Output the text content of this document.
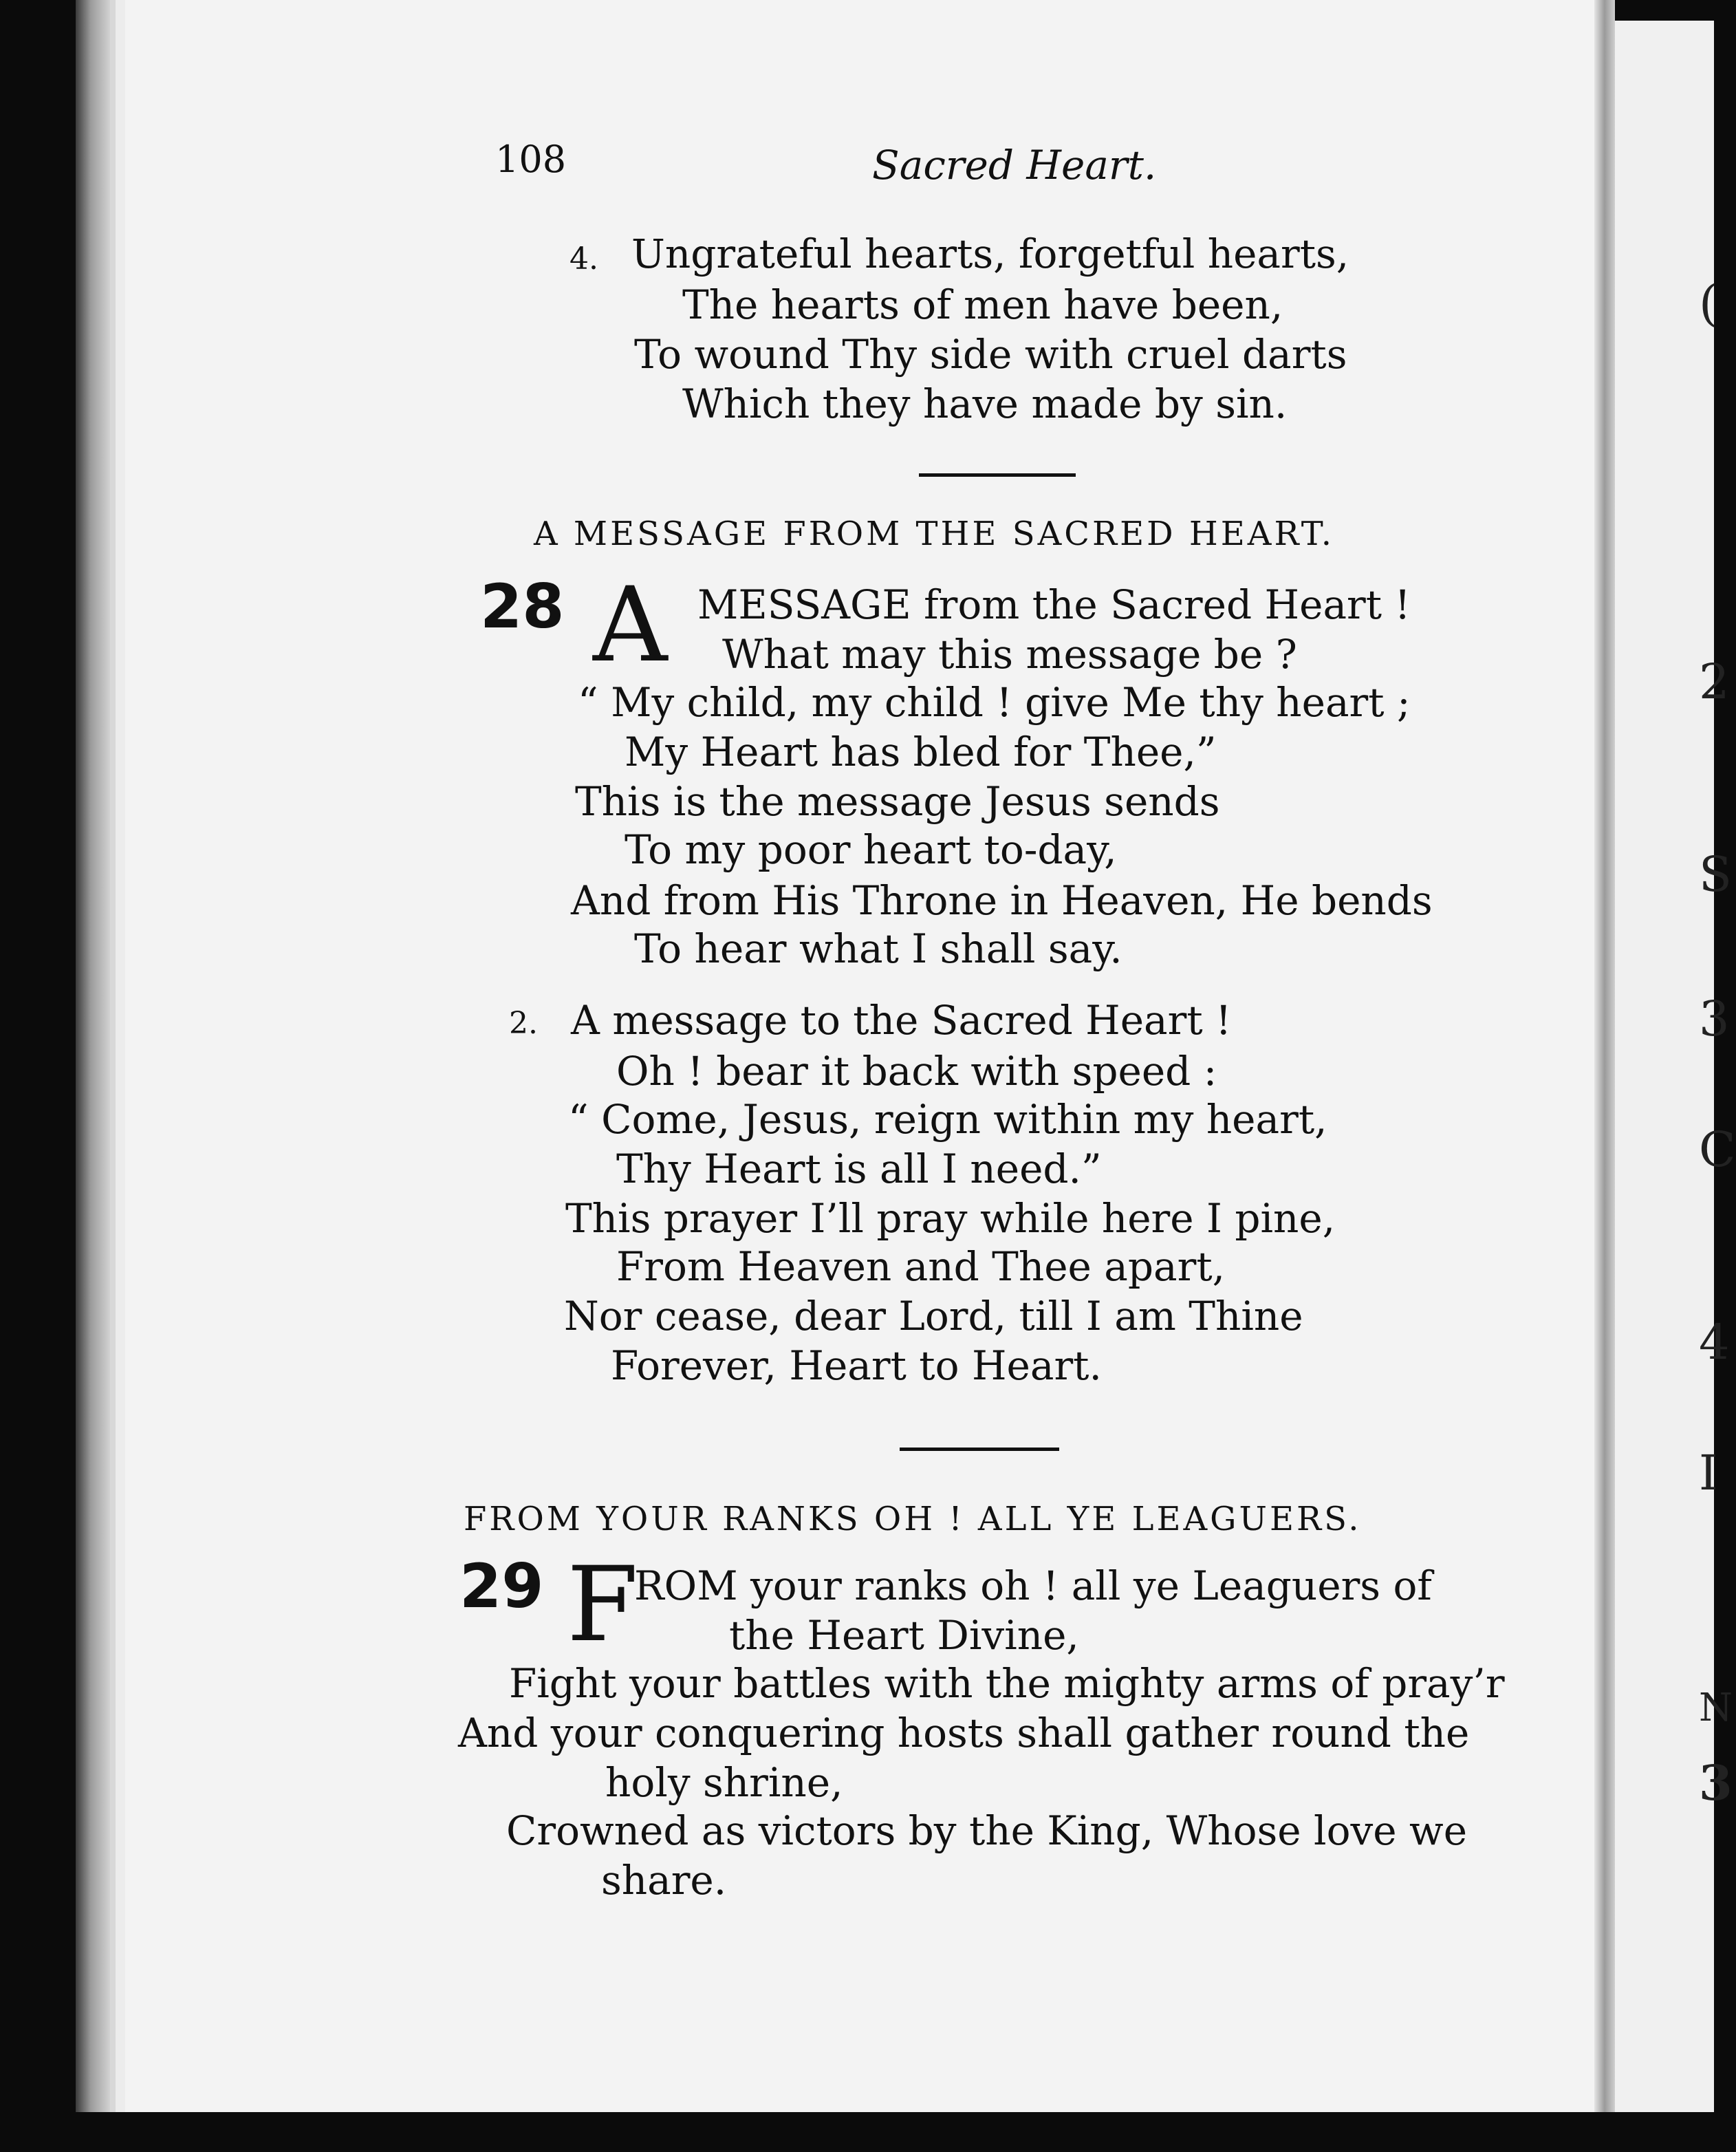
(
2
S
3
C
4
I
N
3
108	Sacred Heart.
4. Ungrateful hearts, forgetful hearts,
The hearts of men have been,
To wound Thy side with cruel darts
Which they have made by sin.
A MESSAGE FROM THE SACRED HEART.
28 A MESSAGE from the Sacred Heart !
What may this message be ?
“ My child, my child ! give Me thy heart ;
My Heart has bled for Thee,”
This is the message Jesus sends
To my poor heart to-day,
And from His Throne in Heaven, He bends
To hear what I shall say.
2. A message to the Sacred Heart !
Oh ! bear it back with speed :
“ Come, Jesus, reign within my heart,
Thy Heart is all I need.”
This prayer I’ll pray while here I pine,
From Heaven and Thee apart,
Nor cease, dear Lord, till I am Thine
Forever, Heart to Heart.
FROM YOUR RANKS OH ! ALL YE LEAGUERS.
29 F
ROM your ranks oh ! all ye Leaguers of
the Heart Divine,
Fight your battles with the mighty arms of pray’r
And your conquering hosts shall gather round the
holy shrine,
Crowned as victors by the King, Whose love we
share.
